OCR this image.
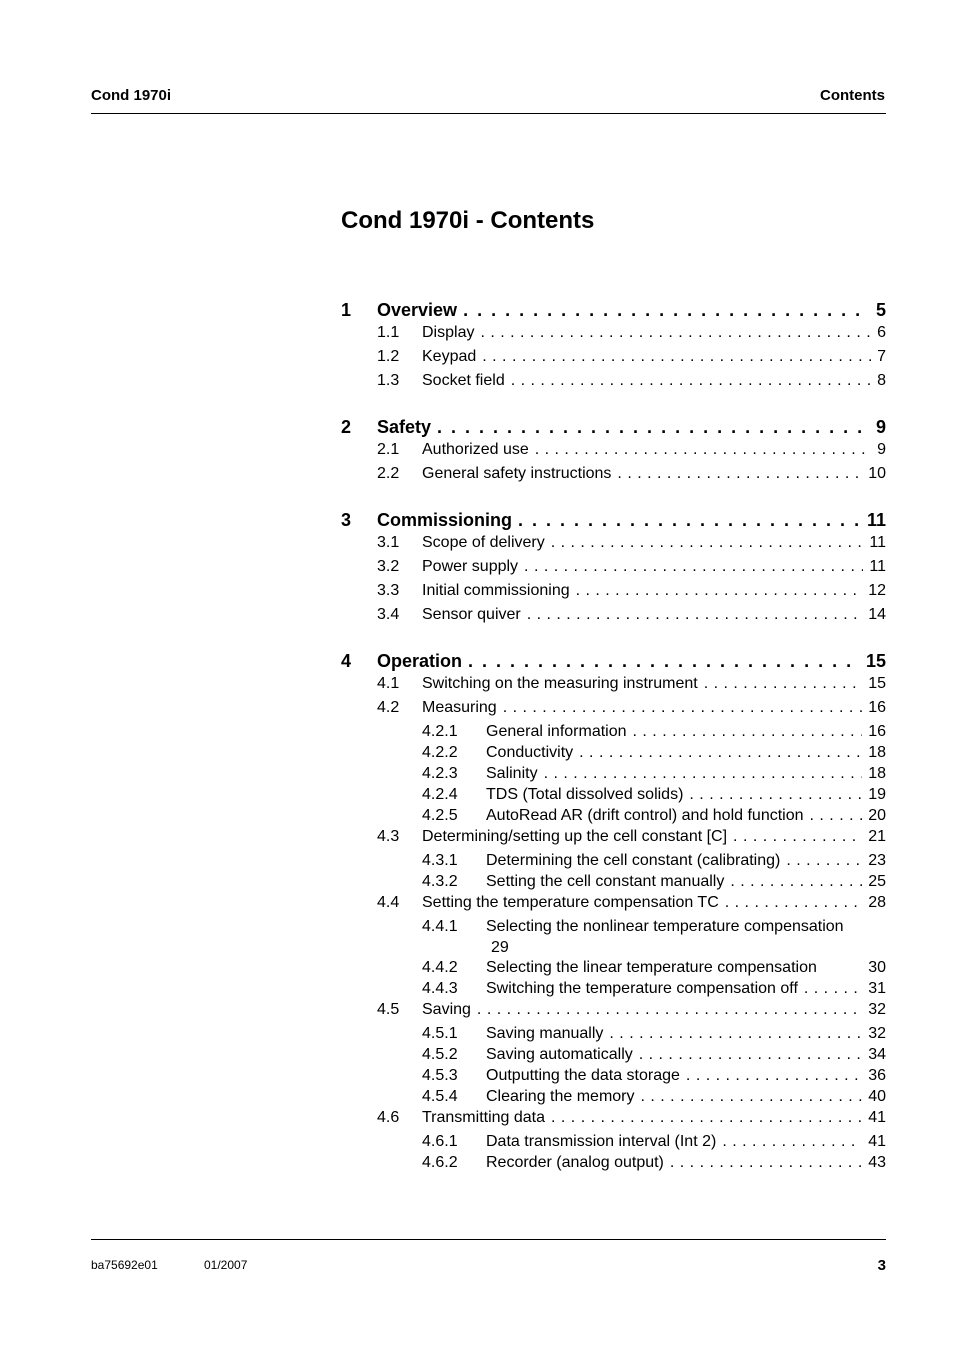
Cond 1970i	Contents
Cond 1970i - Contents
1	Overview . . .	5
1.1	Display . . .	6
1.2	Keypad . . .	7
1.3	Socket field . . .	8
2	Safety . . .	9
2.1	Authorized use . . .	9
2.2	General safety instructions . . .	10
3	Commissioning . . .	11
3.1	Scope of delivery . . .	11
3.2	Power supply . . .	11
3.3	Initial commissioning . . .	12
3.4	Sensor quiver . . .	14
4	Operation . . .	15
4.1	Switching on the measuring instrument . . .	15
4.2	Measuring . . .	16
4.2.1	General information . . .	16
4.2.2	Conductivity . . .	18
4.2.3	Salinity . . .	18
4.2.4	TDS (Total dissolved solids) . . .	19
4.2.5	AutoRead AR (drift control) and hold function . . .	20
4.3	Determining/setting up the cell constant [C] . . .	21
4.3.1	Determining the cell constant (calibrating) . . .	23
4.3.2	Setting the cell constant manually . . .	25
4.4	Setting the temperature compensation TC . . .	28
4.4.1	Selecting the nonlinear temperature compensation
29
4.4.2	Selecting the linear temperature compensation	30
4.4.3	Switching the temperature compensation off . . .	31
4.5	Saving . . .	32
4.5.1	Saving manually . . .	32
4.5.2	Saving automatically . . .	34
4.5.3	Outputting the data storage . . .	36
4.5.4	Clearing the memory . . .	40
4.6	Transmitting data . . .	41
4.6.1	Data transmission interval (Int 2) . . .	41
4.6.2	Recorder (analog output) . . .	43
ba75692e01	01/2007	3
